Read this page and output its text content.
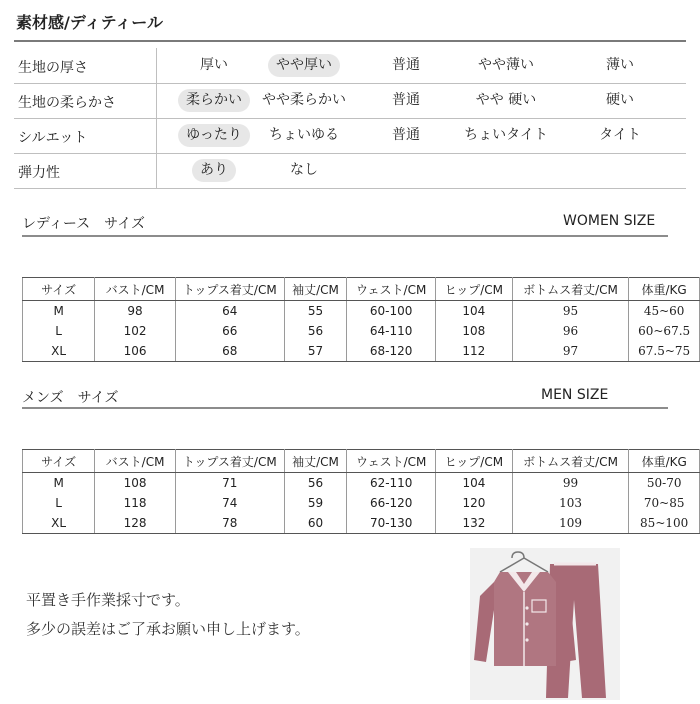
素材感/ディティール
生地の厚さ	厚い	やや厚い	普通	やや薄い	薄い
生地の柔らかさ	柔らかい	やや柔らかい	普通	やや 硬い	硬い
シルエット	ゆったり	ちょいゆる	普通	ちょいタイト	タイト
弾力性	あり	なし
レディース　サイズ	WOMEN SIZE
サイズ	バスト/CM	トップス着丈/CM	袖丈/CM	ウェスト/CM	ヒップ/CM	ボトムス着丈/CM	体重/KG
M	98	64	55	60-100	104	95	45~60
L	102	66	56	64-110	108	96	60~67.5
XL	106	68	57	68-120	112	97	67.5~75
メンズ　サイズ	MEN SIZE
サイズ	バスト/CM	トップス着丈/CM	袖丈/CM	ウェスト/CM	ヒップ/CM	ボトムス着丈/CM	体重/KG
M	108	71	56	62-110	104	99	50-70
L	118	74	59	66-120	120	103	70~85
XL	128	78	60	70-130	132	109	85~100
平置き手作業採寸です。
多少の誤差はご了承お願い申し上げます。
